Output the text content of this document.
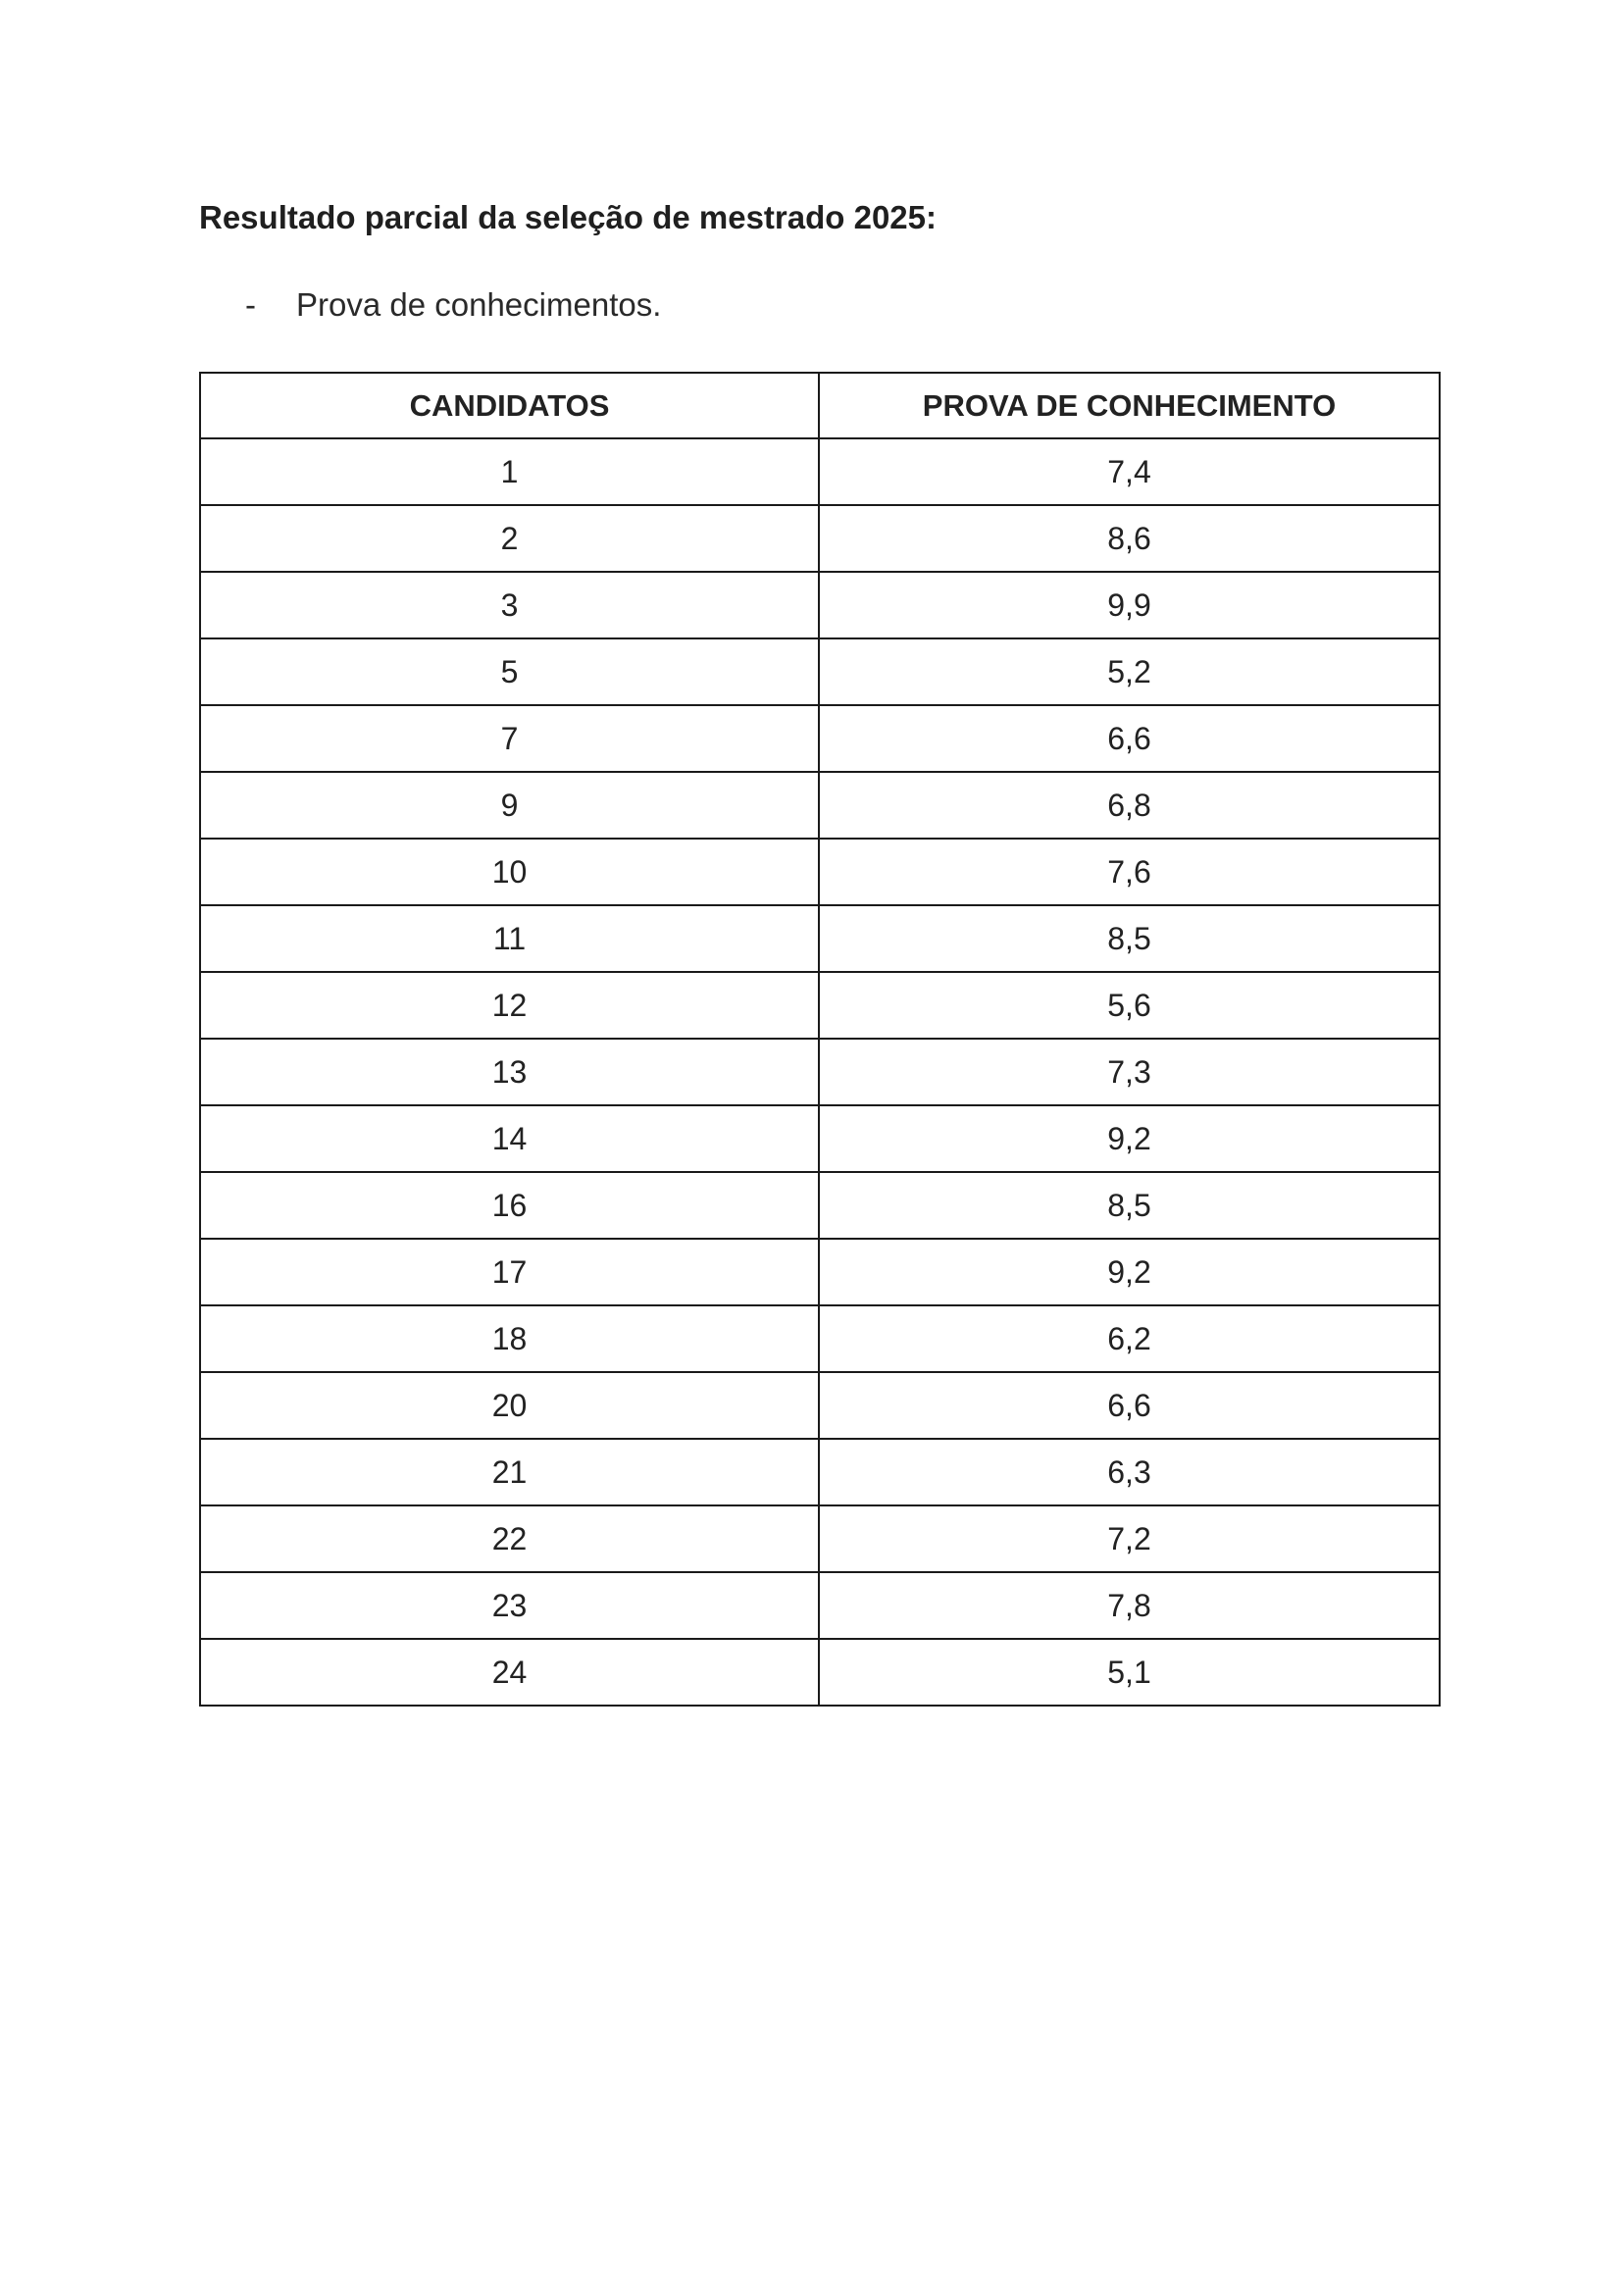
Resultado parcial da seleção de mestrado 2025:
-	Prova de conhecimentos.
CANDIDATOS	PROVA DE CONHECIMENTO
1	7,4
2	8,6
3	9,9
5	5,2
7	6,6
9	6,8
10	7,6
11	8,5
12	5,6
13	7,3
14	9,2
16	8,5
17	9,2
18	6,2
20	6,6
21	6,3
22	7,2
23	7,8
24	5,1
